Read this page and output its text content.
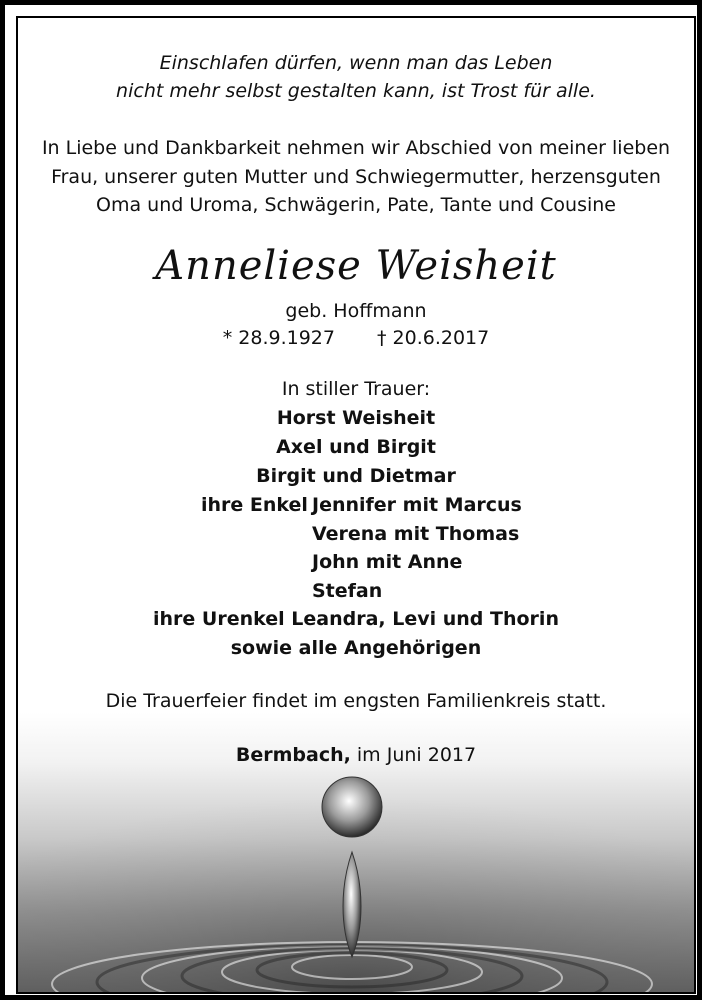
Einschlafen dürfen, wenn man das Leben
nicht mehr selbst gestalten kann, ist Trost für alle.
In Liebe und Dankbarkeit nehmen wir Abschied von meiner lieben
Frau, unserer guten Mutter und Schwiegermutter, herzensguten
Oma und Uroma, Schwägerin, Pate, Tante und Cousine
Anneliese Weisheit
geb. Hoffmann
* 28.9.1927 † 20.6.2017
In stiller Trauer:
Horst Weisheit
Axel und Birgit
Birgit und Dietmar
ihre Enkel Jennifer mit Marcus
Verena mit Thomas
John mit Anne
Stefan
ihre Urenkel Leandra, Levi und Thorin
sowie alle Angehörigen
Die Trauerfeier findet im engsten Familienkreis statt.
Bermbach, im Juni 2017
